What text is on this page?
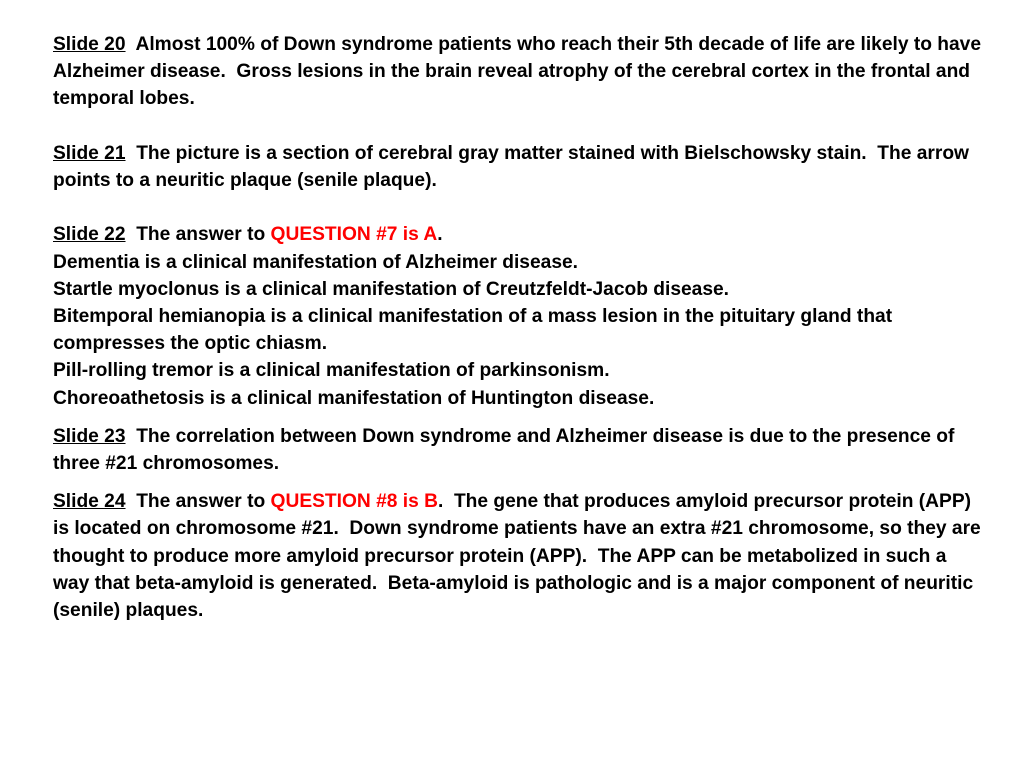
Slide 20  Almost 100% of Down syndrome patients who reach their 5th decade of life are likely to have Alzheimer disease.  Gross lesions in the brain reveal atrophy of the cerebral cortex in the frontal and temporal lobes.

Slide 21  The picture is a section of cerebral gray matter stained with Bielschowsky stain.  The arrow points to a neuritic plaque (senile plaque).

Slide 22  The answer to QUESTION #7 is A.
Dementia is a clinical manifestation of Alzheimer disease.
Startle myoclonus is a clinical manifestation of Creutzfeldt-Jacob disease.
Bitemporal hemianopia is a clinical manifestation of a mass lesion in the pituitary gland that compresses the optic chiasm.
Pill-rolling tremor is a clinical manifestation of parkinsonism.
Choreoathetosis is a clinical manifestation of Huntington disease.

Slide 23  The correlation between Down syndrome and Alzheimer disease is due to the presence of three #21 chromosomes.

Slide 24  The answer to QUESTION #8 is B.  The gene that produces amyloid precursor protein (APP) is located on chromosome #21.  Down syndrome patients have an extra #21 chromosome, so they are thought to produce more amyloid precursor protein (APP).  The APP can be metabolized in such a way that beta-amyloid is generated.  Beta-amyloid is pathologic and is a major component of neuritic (senile) plaques.
